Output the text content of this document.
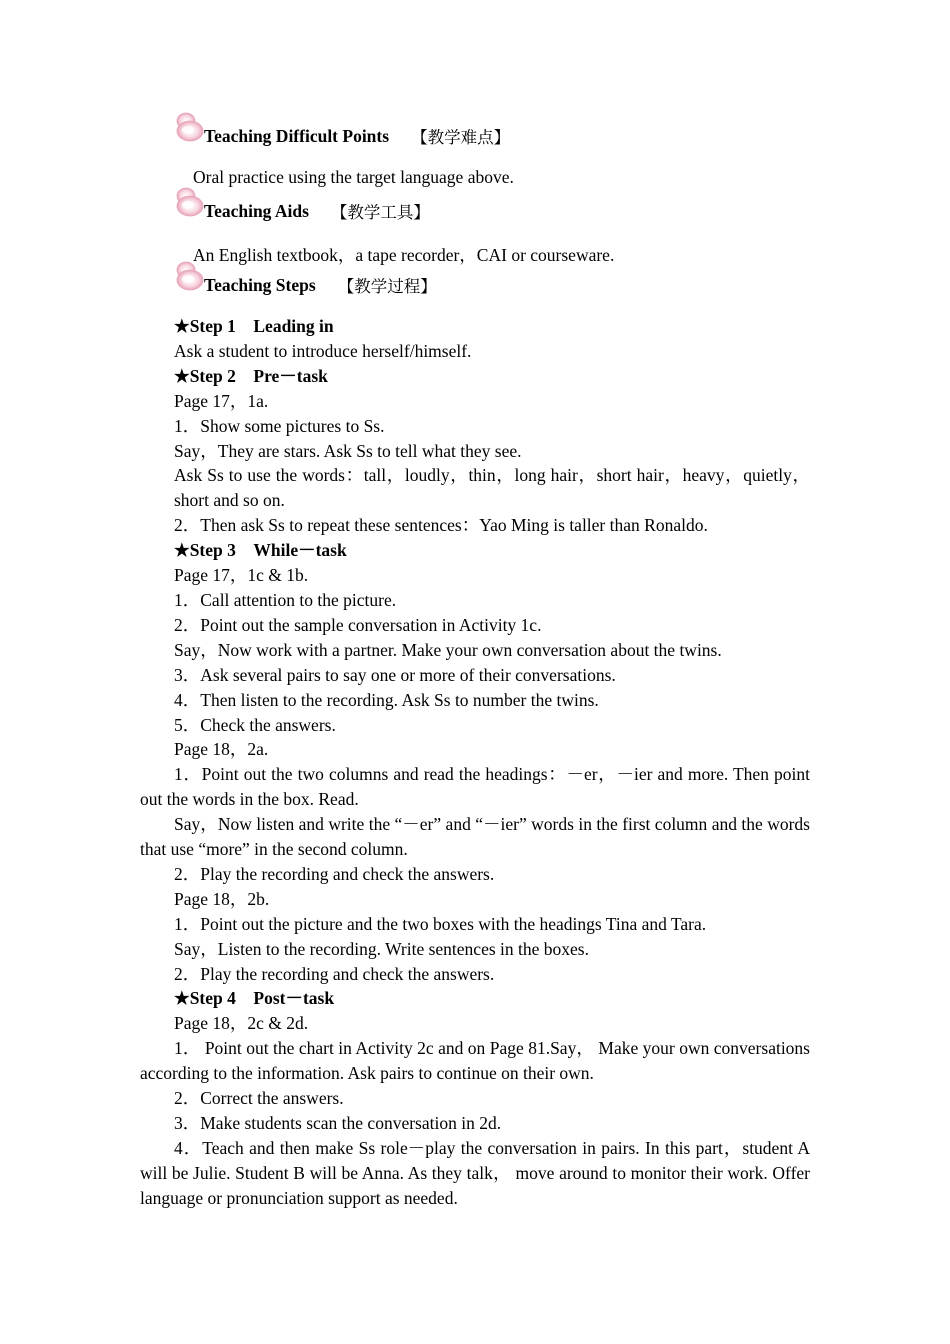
Teaching Difficult Points 【教学难点】
Oral practice using the target language above.
Teaching Aids 【教学工具】
An English textbook，a tape recorder，CAI or courseware.
Teaching Steps 【教学过程】

★Step 1　Leading in

Ask a student to introduce herself/himself.

★Step 2　Pre－task

Page 17，1a.

1．Show some pictures to Ss.

Say，They are stars. Ask Ss to tell what they see.

Ask Ss to use the words：tall，loudly，thin，long hair，short hair，heavy，quietly，short and so on.

2．Then ask Ss to repeat these sentences：Yao Ming is taller than Ronaldo.

★Step 3　While－task

Page 17，1c & 1b.

1．Call attention to the picture.

2．Point out the sample conversation in Activity 1c.

Say，Now work with a partner. Make your own conversation about the twins.

3．Ask several pairs to say one or more of their conversations.

4．Then listen to the recording. Ask Ss to number the twins.

5．Check the answers.

Page 18，2a.

1．Point out the two columns and read the headings：－er，－ier and more. Then point out the words in the box. Read.

Say，Now listen and write the “－er” and “－ier” words in the first column and the words that use “more” in the second column.

2．Play the recording and check the answers.

Page 18，2b.

1．Point out the picture and the two boxes with the headings Tina and Tara.

Say，Listen to the recording. Write sentences in the boxes.

2．Play the recording and check the answers.

★Step 4　Post－task

Page 18，2c & 2d.

1． Point out the chart in Activity 2c and on Page 81.Say， Make your own conversations according to the information. Ask pairs to continue on their own.

2．Correct the answers.

3．Make students scan the conversation in 2d.

4．Teach and then make Ss role－play the conversation in pairs. In this part，student A will be Julie. Student B will be Anna. As they talk， move around to monitor their work. Offer language or pronunciation support as needed.
